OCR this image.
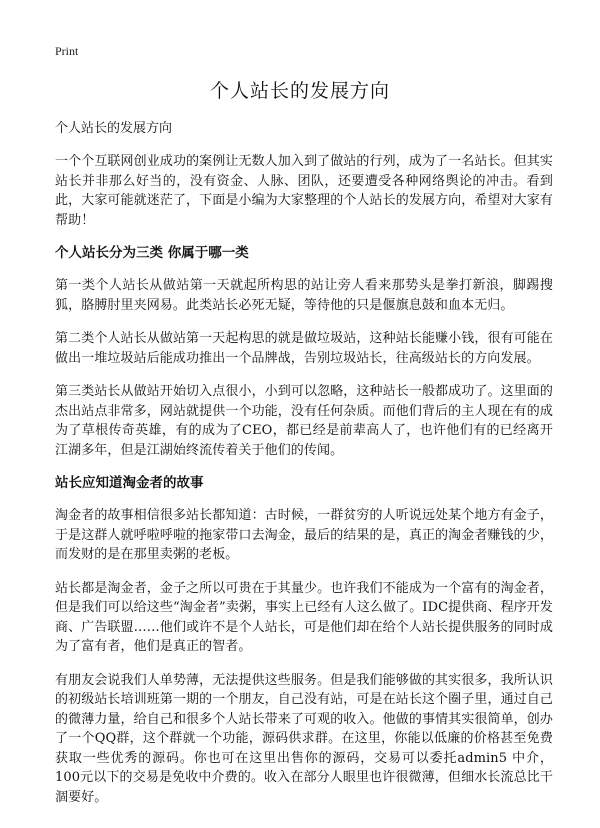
Print
个人站长的发展方向
个人站长的发展方向

一个个互联网创业成功的案例让无数人加入到了做站的行列，成为了一名站长。但其实站长并非那么好当的，没有资金、人脉、团队，还要遭受各种网络舆论的冲击。看到此，大家可能就迷茫了，下面是小编为大家整理的个人站长的发展方向，希望对大家有帮助！

个人站长分为三类 你属于哪一类

第一类个人站长从做站第一天就起所构思的站让旁人看来那势头是拳打新浪，脚踢搜狐，胳膊肘里夹网易。此类站长必死无疑，等待他的只是偃旗息鼓和血本无归。

第二类个人站长从做站第一天起构思的就是做垃圾站，这种站长能赚小钱，很有可能在做出一堆垃圾站后能成功推出一个品牌战，告别垃圾站长，往高级站长的方向发展。

第三类站长从做站开始切入点很小，小到可以忽略，这种站长一般都成功了。这里面的杰出站点非常多，网站就提供一个功能，没有任何杂质。而他们背后的主人现在有的成为了草根传奇英雄，有的成为了CEO，都已经是前辈高人了，也许他们有的已经离开江湖多年，但是江湖始终流传着关于他们的传闻。

站长应知道淘金者的故事

淘金者的故事相信很多站长都知道：古时候，一群贫穷的人听说远处某个地方有金子，于是这群人就呼啦呼啦的拖家带口去淘金，最后的结果的是，真正的淘金者赚钱的少，而发财的是在那里卖粥的老板。

站长都是淘金者，金子之所以可贵在于其量少。也许我们不能成为一个富有的淘金者，但是我们可以给这些“淘金者”卖粥，事实上已经有人这么做了。IDC提供商、程序开发商、广告联盟……他们或许不是个人站长，可是他们却在给个人站长提供服务的同时成为了富有者，他们是真正的智者。

有朋友会说我们人单势薄，无法提供这些服务。但是我们能够做的其实很多，我所认识的初级站长培训班第一期的一个朋友，自己没有站，可是在站长这个圈子里，通过自己的微薄力量，给自己和很多个人站长带来了可观的收入。他做的事情其实很简单，创办了一个QQ群，这个群就一个功能，源码供求群。在这里，你能以低廉的价格甚至免费获取一些优秀的源码。你也可在这里出售你的源码，交易可以委托admin5 中介，100元以下的交易是免收中介费的。收入在部分人眼里也许很微薄，但细水长流总比干涸要好。
